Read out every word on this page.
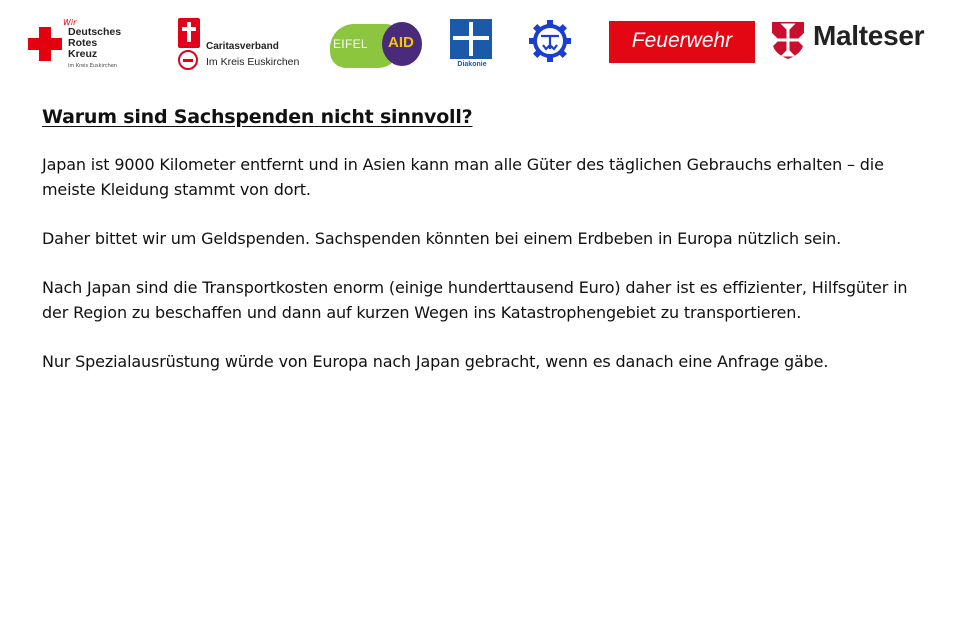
Wir
Deutsches
Rotes
Kreuz
im Kreis Euskirchen
Caritasverband
Im Kreis Euskirchen
EIFEL AID
Diakonie
Feuerwehr	Malteser
Warum sind Sachspenden nicht sinnvoll?

Japan ist 9000 Kilometer entfernt und in Asien kann man alle Güter des täglichen Gebrauchs erhalten – die meiste Kleidung stammt von dort.

Daher bittet wir um Geldspenden. Sachspenden könnten bei einem Erdbeben in Europa nützlich sein.

Nach Japan sind die Transportkosten enorm (einige hunderttausend Euro) daher ist es effizienter, Hilfsgüter in der Region zu beschaffen und dann auf kurzen Wegen ins Katastrophengebiet zu transportieren.

Nur Spezialausrüstung würde von Europa nach Japan gebracht, wenn es danach eine Anfrage gäbe.
